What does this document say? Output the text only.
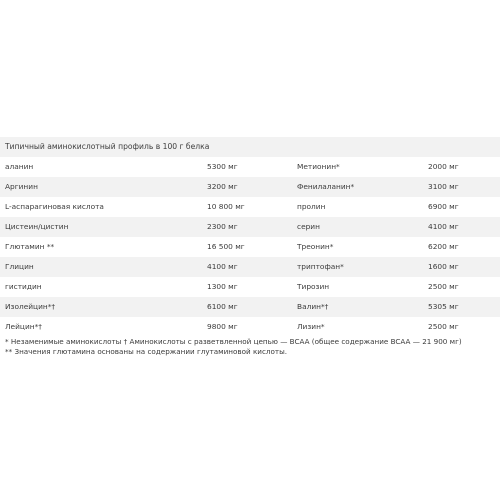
Типичный аминокислотный профиль в 100 г белка
аланин	5300 мг	Метионин*	2000 мг
Аргинин	3200 мг	Фенилаланин*	3100 мг
L-аспарагиновая кислота	10 800 мг	пролин	6900 мг
Цистеин/цистин	2300 мг	серин	4100 мг
Глютамин **	16 500 мг	Треонин*	6200 мг
Глицин	4100 мг	триптофан*	1600 мг
гистидин	1300 мг	Тирозин	2500 мг
Изолейцин*†	6100 мг	Валин*†	5305 мг
Лейцин*†	9800 мг	Лизин*	2500 мг
* Незаменимые аминокислоты † Аминокислоты с разветвленной цепью — BCAA (общее содержание BCAA — 21 900 мг)
** Значения глютамина основаны на содержании глутаминовой кислоты.
